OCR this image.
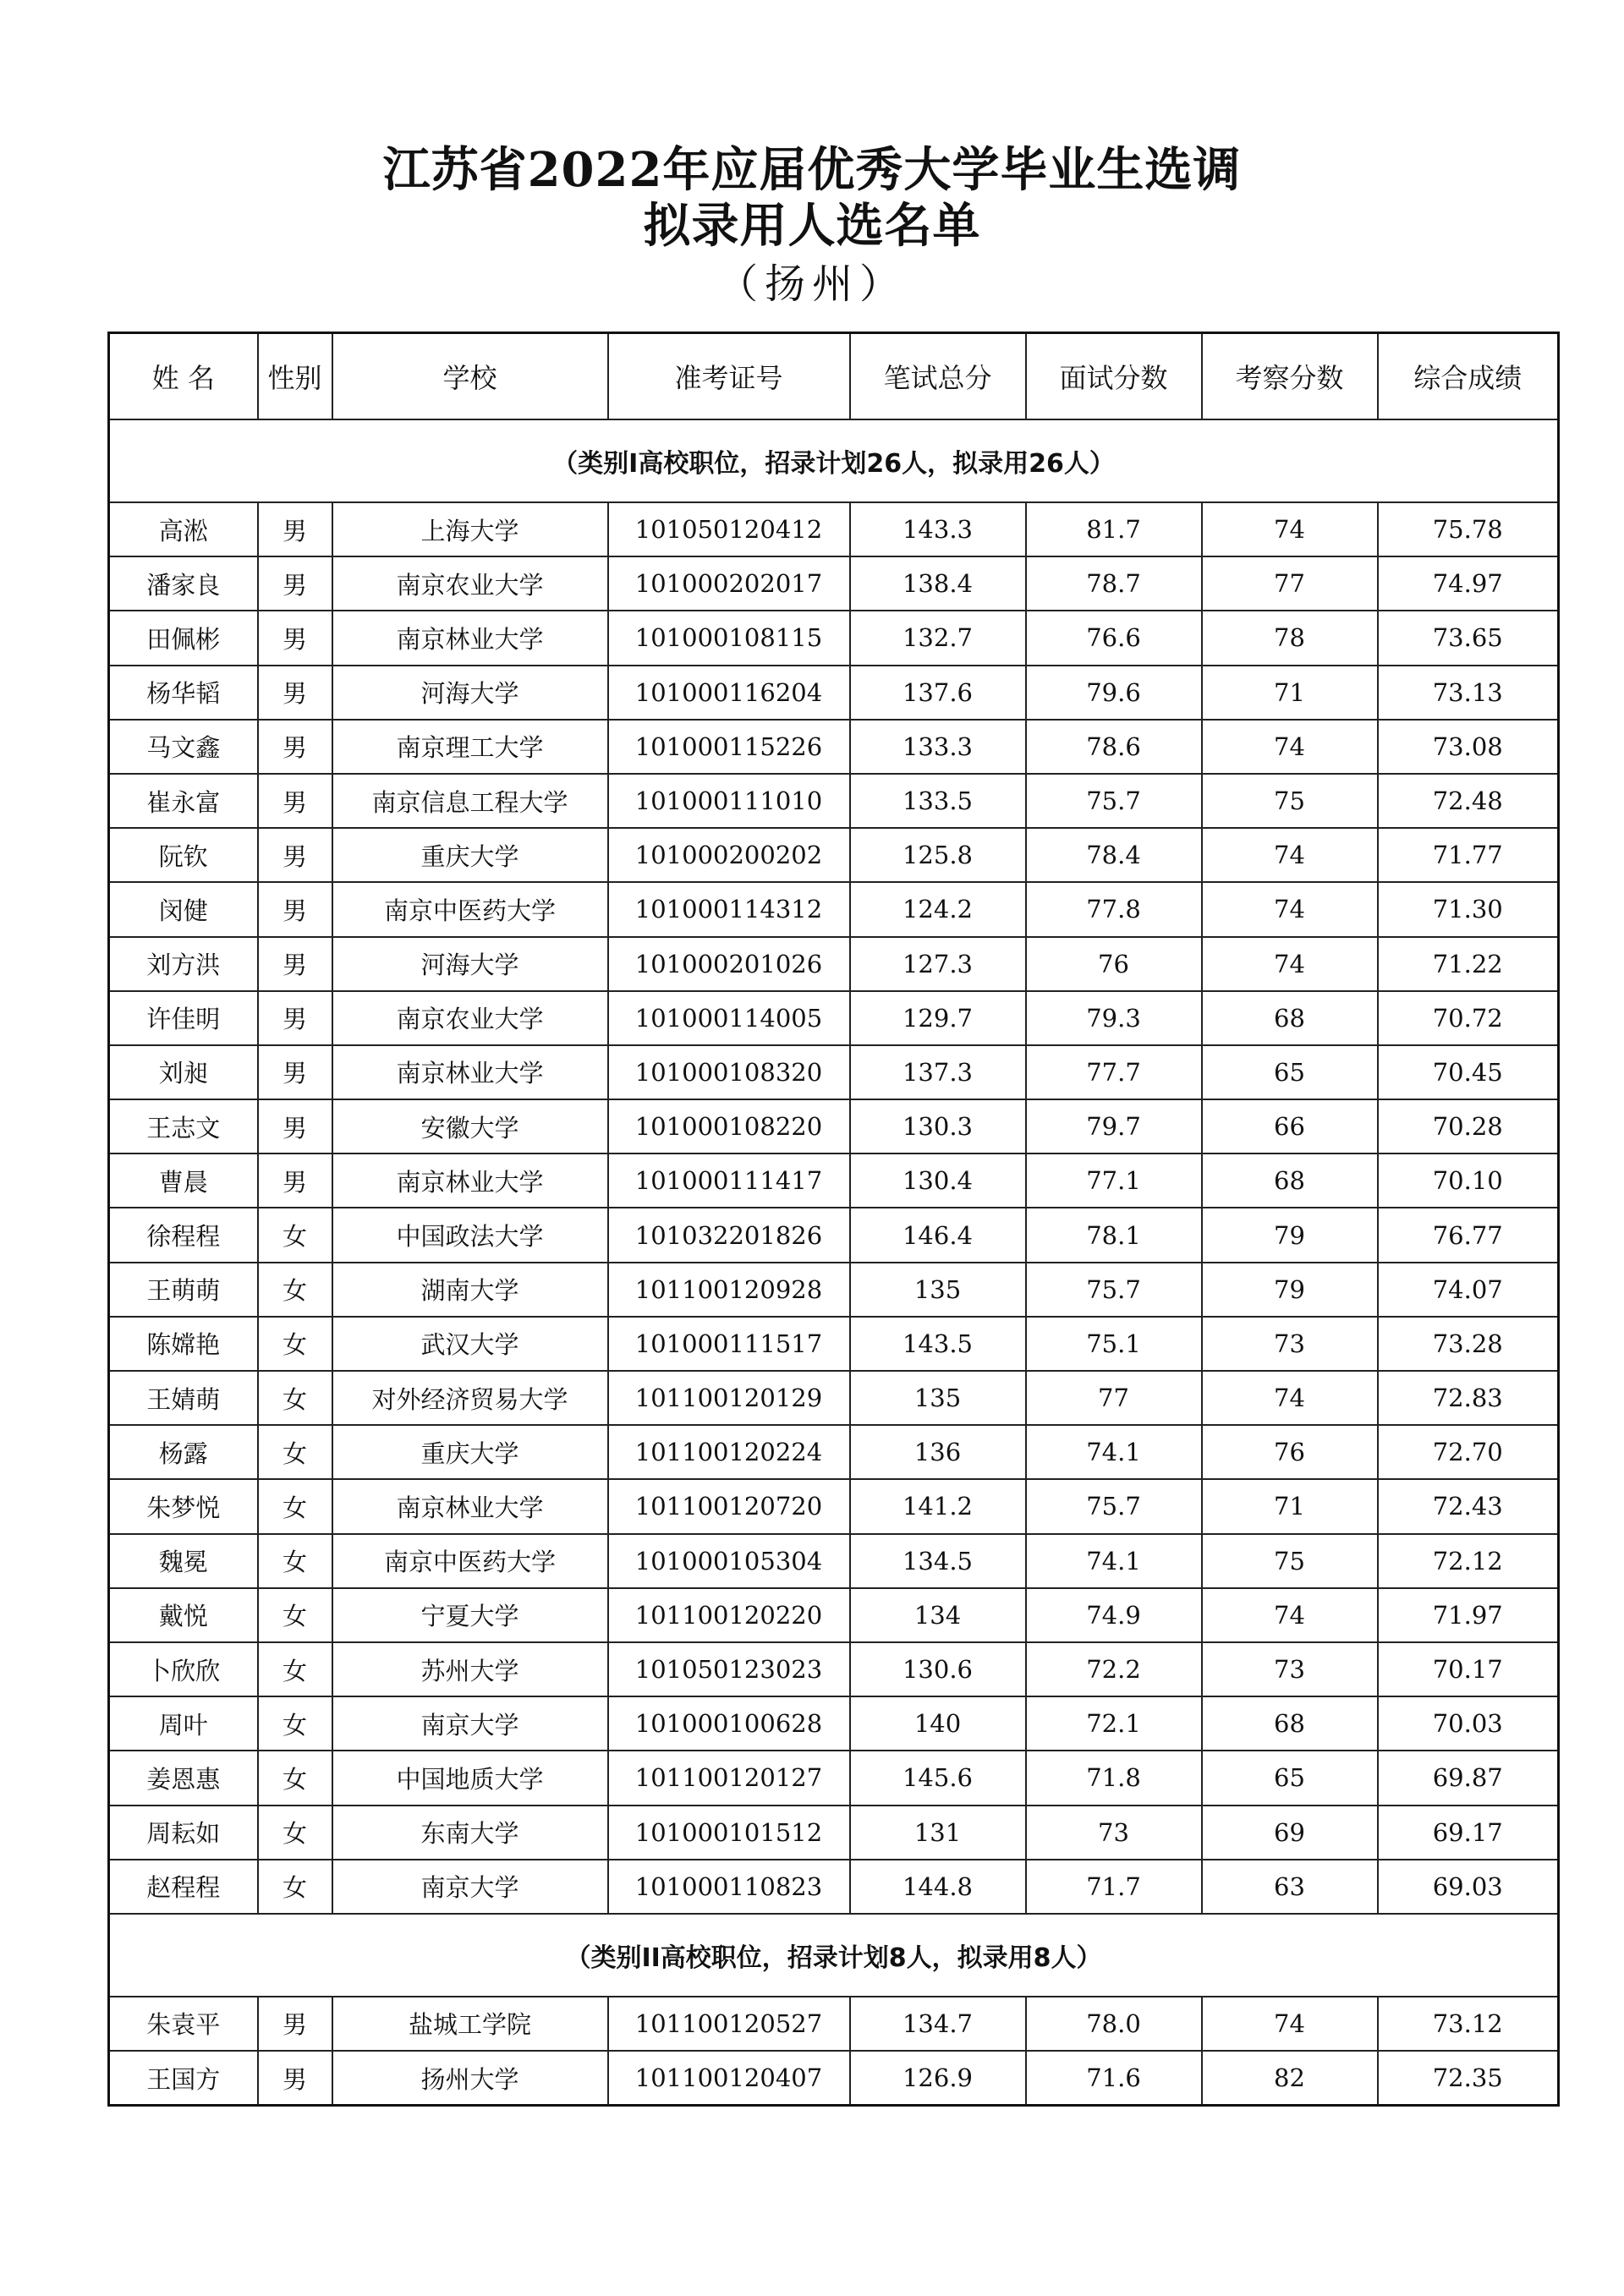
江苏省2022年应届优秀大学毕业生选调
拟录用人选名单
（扬州）
姓 名	性别	学校	准考证号	笔试总分	面试分数	考察分数	综合成绩
（类别I高校职位，招录计划26人，拟录用26人）							
高淞	男	上海大学	101050120412	143.3	81.7	74	75.78
潘家良	男	南京农业大学	101000202017	138.4	78.7	77	74.97
田佩彬	男	南京林业大学	101000108115	132.7	76.6	78	73.65
杨华韬	男	河海大学	101000116204	137.6	79.6	71	73.13
马文鑫	男	南京理工大学	101000115226	133.3	78.6	74	73.08
崔永富	男	南京信息工程大学	101000111010	133.5	75.7	75	72.48
阮钦	男	重庆大学	101000200202	125.8	78.4	74	71.77
闵健	男	南京中医药大学	101000114312	124.2	77.8	74	71.30
刘方洪	男	河海大学	101000201026	127.3	76	74	71.22
许佳明	男	南京农业大学	101000114005	129.7	79.3	68	70.72
刘昶	男	南京林业大学	101000108320	137.3	77.7	65	70.45
王志文	男	安徽大学	101000108220	130.3	79.7	66	70.28
曹晨	男	南京林业大学	101000111417	130.4	77.1	68	70.10
徐程程	女	中国政法大学	101032201826	146.4	78.1	79	76.77
王萌萌	女	湖南大学	101100120928	135	75.7	79	74.07
陈嫦艳	女	武汉大学	101000111517	143.5	75.1	73	73.28
王婧萌	女	对外经济贸易大学	101100120129	135	77	74	72.83
杨露	女	重庆大学	101100120224	136	74.1	76	72.70
朱梦悦	女	南京林业大学	101100120720	141.2	75.7	71	72.43
魏冕	女	南京中医药大学	101000105304	134.5	74.1	75	72.12
戴悦	女	宁夏大学	101100120220	134	74.9	74	71.97
卜欣欣	女	苏州大学	101050123023	130.6	72.2	73	70.17
周叶	女	南京大学	101000100628	140	72.1	68	70.03
姜恩惠	女	中国地质大学	101100120127	145.6	71.8	65	69.87
周耘如	女	东南大学	101000101512	131	73	69	69.17
赵程程	女	南京大学	101000110823	144.8	71.7	63	69.03
（类别II高校职位，招录计划8人，拟录用8人）							
朱袁平	男	盐城工学院	101100120527	134.7	78.0	74	73.12
王国方	男	扬州大学	101100120407	126.9	71.6	82	72.35
